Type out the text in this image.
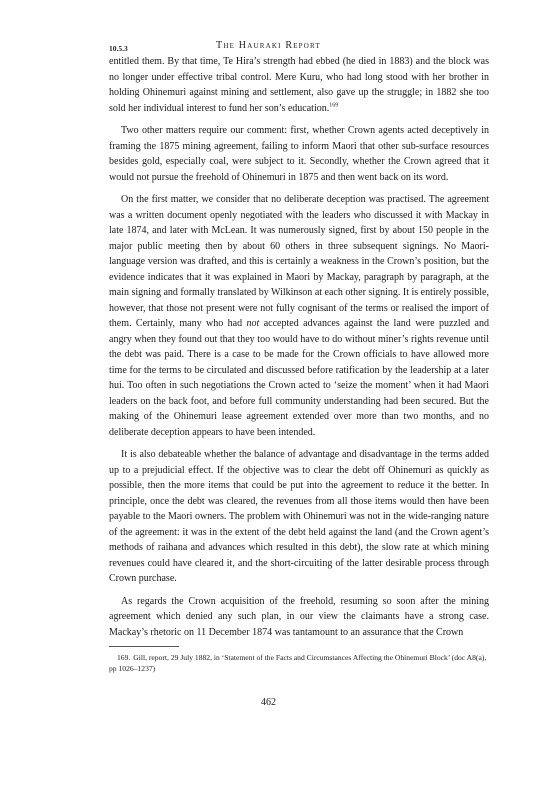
The Hauraki Report
10.5.3

entitled them. By that time, Te Hira’s strength had ebbed (he died in 1883) and the block was no longer under effective tribal control. Mere Kuru, who had long stood with her brother in holding Ohinemuri against mining and settlement, also gave up the struggle; in 1882 she too sold her individual interest to fund her son’s education.$^{169}$

Two other matters require our comment: first, whether Crown agents acted deceptively in framing the 1875 mining agreement, failing to inform Maori that other sub-surface resources besides gold, especially coal, were subject to it. Secondly, whether the Crown agreed that it would not pursue the freehold of Ohinemuri in 1875 and then went back on its word.

On the first matter, we consider that no deliberate deception was practised. The agreement was a written document openly negotiated with the leaders who discussed it with Mackay in late 1874, and later with McLean. It was numerously signed, first by about 150 people in the major public meeting then by about 60 others in three subsequent signings. No Maori-language version was drafted, and this is certainly a weakness in the Crown’s position, but the evidence indicates that it was explained in Maori by Mackay, paragraph by paragraph, at the main signing and formally translated by Wilkinson at each other signing. It is entirely possible, however, that those not present were not fully cognisant of the terms or realised the import of them. Certainly, many who had not accepted advances against the land were puzzled and angry when they found out that they too would have to do without miner’s rights revenue until the debt was paid. There is a case to be made for the Crown officials to have allowed more time for the terms to be circulated and discussed before ratification by the leadership at a later hui. Too often in such negotiations the Crown acted to ‘seize the moment’ when it had Maori leaders on the back foot, and before full community understanding had been secured. But the making of the Ohinemuri lease agreement extended over more than two months, and no deliberate deception appears to have been intended.

It is also debateable whether the balance of advantage and disadvantage in the terms added up to a prejudicial effect. If the objective was to clear the debt off Ohinemuri as quickly as possible, then the more items that could be put into the agreement to reduce it the better. In principle, once the debt was cleared, the revenues from all those items would then have been payable to the Maori owners. The problem with Ohinemuri was not in the wide-ranging nature of the agreement: it was in the extent of the debt held against the land (and the Crown agent’s methods of raihana and advances which resulted in this debt), the slow rate at which mining revenues could have cleared it, and the short-circuiting of the latter desirable process through Crown purchase.

As regards the Crown acquisition of the freehold, resuming so soon after the mining agreement which denied any such plan, in our view the claimants have a strong case. Mackay’s rhetoric on 11 December 1874 was tantamount to an assurance that the Crown

169. Gill, report, 29 July 1882, in ‘Statement of the Facts and Circumstances Affecting the Ohinemuri Block’ (doc A8(a), pp 1026–1237)
462
